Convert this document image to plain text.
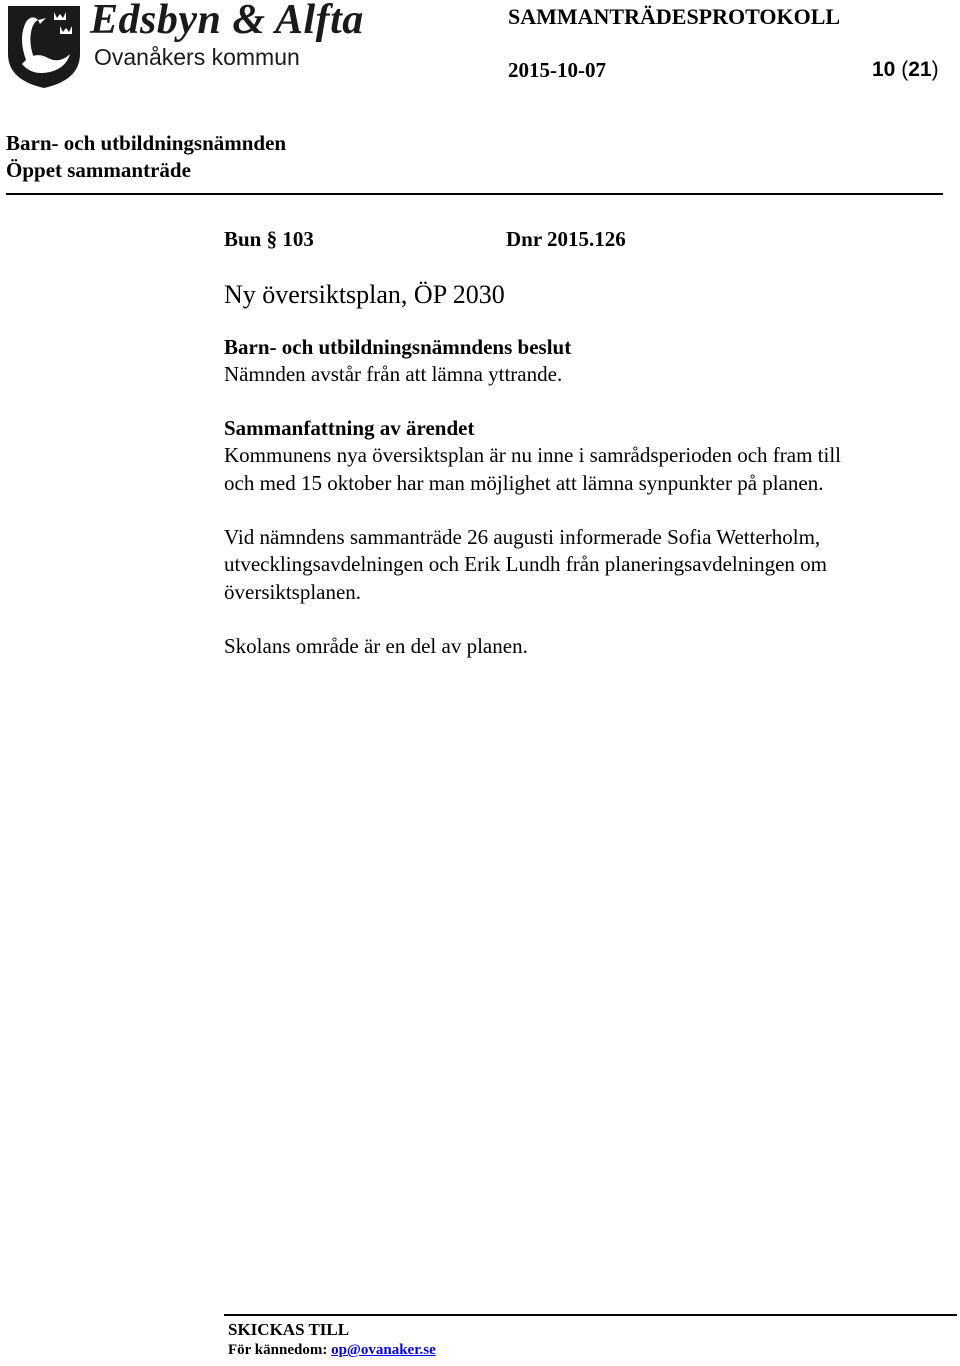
Edsbyn & Alfta
Ovanåkers kommun
SAMMANTRÄDESPROTOKOLL
2015-10-07	10 (21)
Barn- och utbildningsnämnden
Öppet sammanträde
Bun § 103	Dnr 2015.126
Ny översiktsplan, ÖP 2030
Barn- och utbildningsnämndens beslut
Nämnden avstår från att lämna yttrande.
Sammanfattning av ärendet
Kommunens nya översiktsplan är nu inne i samrådsperioden och fram till
och med 15 oktober har man möjlighet att lämna synpunkter på planen.
Vid nämndens sammanträde 26 augusti informerade Sofia Wetterholm,
utvecklingsavdelningen och Erik Lundh från planeringsavdelningen om
översiktsplanen.
Skolans område är en del av planen.
SKICKAS TILL
För kännedom: op@ovanaker.se
